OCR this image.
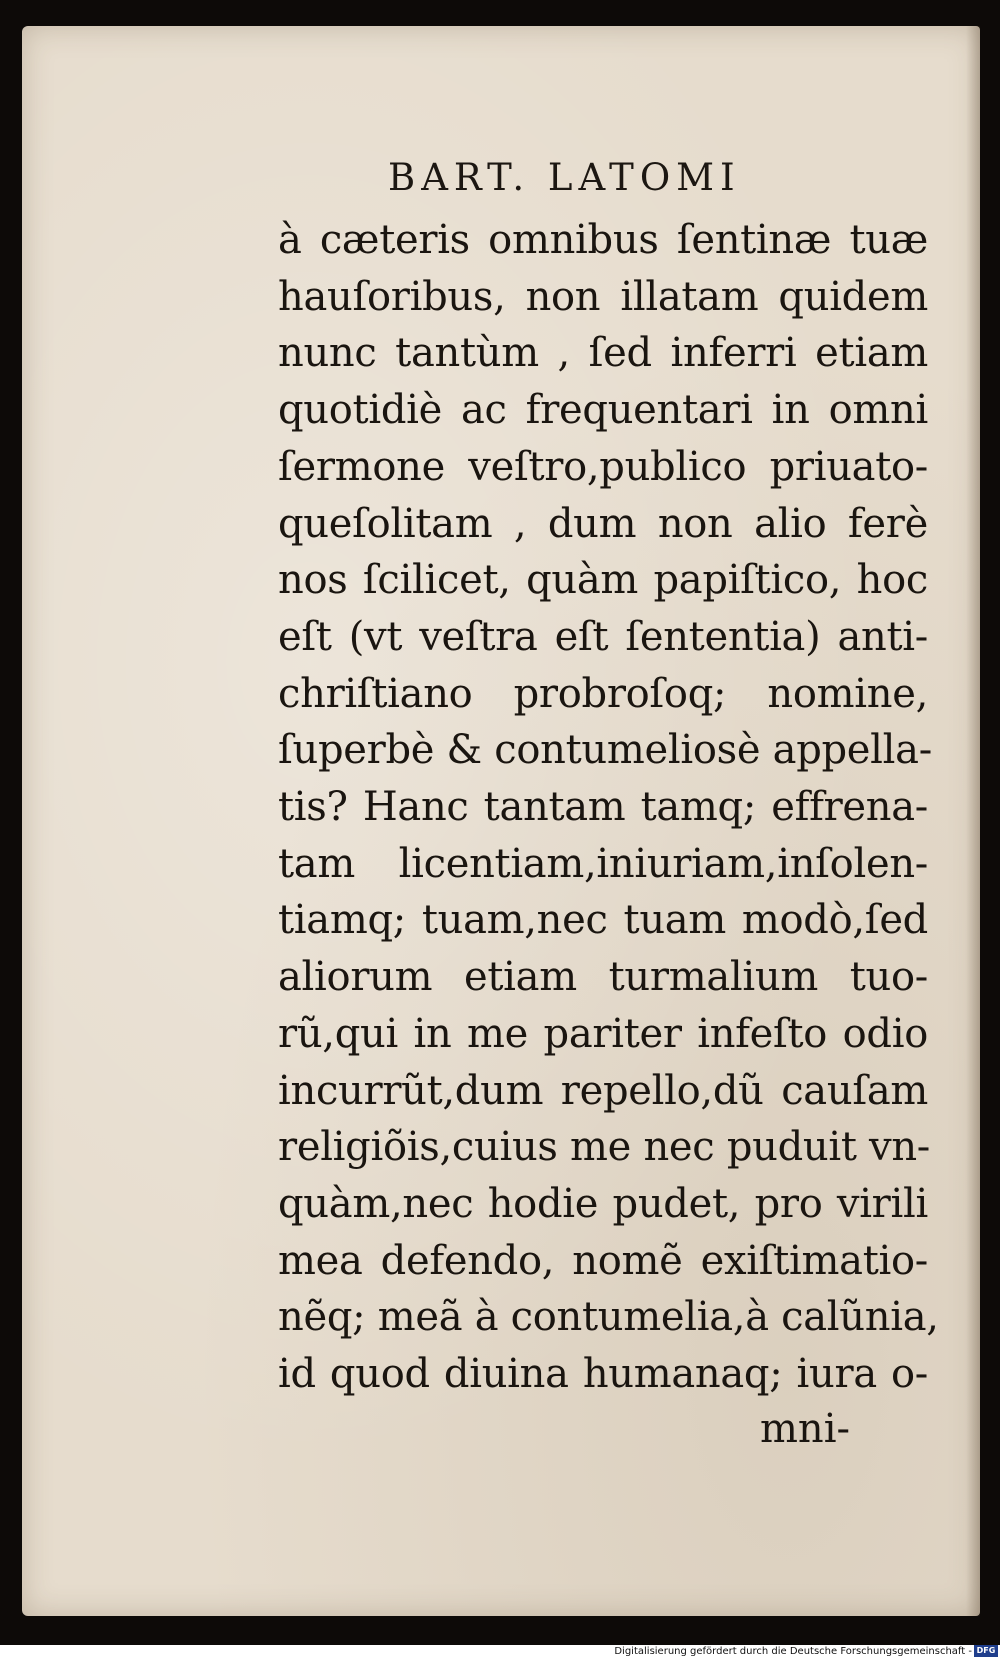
BART. LATOMI
à cæteris omnibus ſentinæ tuæ
hauſoribus, non illatam quidem
nunc tantùm , ſed inferri etiam
quotidiè ac frequentari in omni
ſermone veſtro,publico priuato-
queſolitam , dum non alio ferè
nos ſcilicet, quàm papiſtico, hoc
eſt (vt veſtra eſt ſententia) anti-
chriſtiano probroſoq; nomine,
ſuperbè & contumeliosè appella-
tis? Hanc tantam tamq; effrena-
tam licentiam,iniuriam,inſolen-
tiamq; tuam,nec tuam modò,ſed
aliorum etiam turmalium tuo-
rũ,qui in me pariter infeſto odio
incurrũt,dum repello,dũ cauſam
religiõis,cuius me nec puduit vn-
quàm,nec hodie pudet, pro virili
mea defendo, nomẽ exiſtimatio-
nẽq; meã à contumelia,à calũnia,
id quod diuina humanaq; iura o-
mni-
Digitalisierung gefördert durch die Deutsche Forschungsgemeinschaft - DFG
